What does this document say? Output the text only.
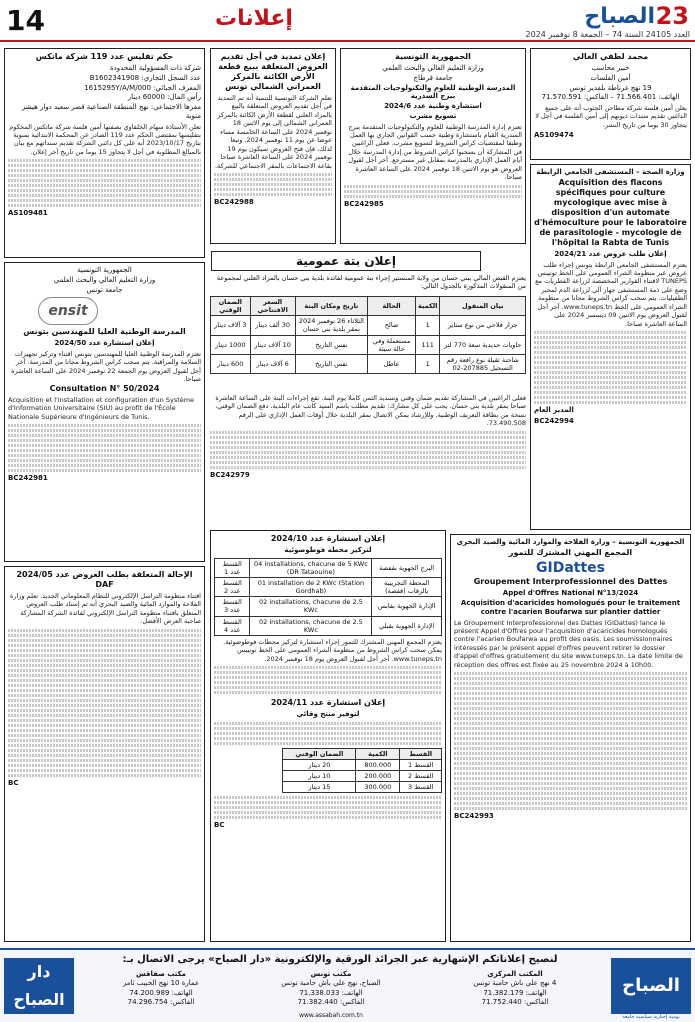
14	إعلانات	23
الصباح
العدد 24105 السنة 74 – الجمعة 8 نوفمبر 2024
حكم تفليس عدد 119 شركة ماتكس
شركة ذات المسؤولية المحدودة
عدد السجل التجاري: B1602341908
المعرف الجبائي: 1615295Y/A/M/000
رأس المال: 60000 دينار
مقرها الاجتماعي: نهج المنطقة الصناعية قصر سعيد دوار هيشر منوبة
تعلن الأستاذة سهام الخلفاوي بصفتها أمين فلسة شركة ماتكس المحكوم بتفليسها بمقتضى الحكم عدد 119 الصادر عن المحكمة الابتدائية بمنوبة بتاريخ 2023/10/17 أنه على كل دائني الشركة تقديم سنداتهم مع بيان بالمبالغ المطلوبة في أجل لا يتجاوز 15 يوما من تاريخ آخر إعلان.
AS109481
إعلان تمديد في أجل تقديم العروض المتعلقة ببيع قطعة الأرض الكائنة بالمركز العمراني الشمالي تونس
تعلم الشركة التونسية للتنمية أنه تم التمديد في أجل تقديم العروض المتعلقة بالبيع بالمزاد العلني لقطعة الأرض الكائنة بالمركز العمراني الشمالي إلى يوم الاثنين 18 نوفمبر 2024 على الساعة الخامسة مساء عوضا عن يوم 11 نوفمبر 2024. وتبعا لذلك، فإن فتح العروض سيكون يوم 19 نوفمبر 2024 على الساعة العاشرة صباحا بقاعة الاجتماعات بالمقر الاجتماعي للشركة.
BC242988
الجمهورية التونسية
وزارة التعليم العالي والبحث العلمي
جامعة قرطاج
المدرسة الوطنية للعلوم والتكنولوجيات المتقدمة ببرج السدرية
استشارة وطنية عدد 2024/6
تسويغ مشرب
تعتزم إدارة المدرسة الوطنية للعلوم والتكنولوجيات المتقدمة ببرج السدرية القيام باستشارة وطنية حسب القوانين الجاري بها العمل وطبقا لمقتضيات كراس الشروط لتسويغ مشرب. فعلى الراغبين في المشاركة أن يسحبوا كراس الشروط من إدارة المدرسة خلال أيام العمل الإداري بالمدرسة بمقابل غير مسترجع. آخر أجل لقبول العروض هو يوم الاثنين 18 نوفمبر 2024 على الساعة العاشرة صباحا.
BC242985
محمد لطفي الغالي
خبير محاسب
أمين الفلسات
19 نهج غرناطة بلفدير تونس
الهاتف: 71.566.401 – الفاكس: 71.570.591
يعلن أمين فلسة شركة مطاحن الجنوب أنه على جميع الدائنين تقديم سندات ديونهم إلى أمين الفلسة في أجل لا يتجاوز 30 يوما من تاريخ النشر.
AS109474
وزارة الصحة – المستشفى الجامعي الرابطة
Acquisition des flacons spécifiques pour culture mycologique avec mise à disposition d'un automate d'hémoculture pour le laboratoire de parasitologie - mycologie de l'hôpital la Rabta de Tunis
إعلان طلب عروض عدد 2024/21
يعتزم المستشفى الجامعي الرابطة بتونس إجراء طلب عروض عبر منظومة الشراء العمومي على الخط تونيبس TUNEPS لاقتناء القوارير المخصصة لزراعة الفطريات مع وضع على ذمة المستشفى جهاز آلي لزراعة الدم لمخبر الطفيليات. يتم سحب كراس الشروط مجانا من منظومة الشراء العمومي على الخط www.tuneps.tn. آخر أجل لقبول العروض يوم الاثنين 09 ديسمبر 2024 على الساعة العاشرة صباحا.
المدير العام
BC242994
إعلان بتة عمومية
يعتزم القبض المالي ببني حسان من ولاية المنستير إجراء بتة عمومية لفائدة بلدية بني حسان بالمزاد العلني لمجموعة من المنقولات المذكورة بالجدول التالي:
بيان المنقول	الكمية	الحالة	تاريخ ومكان البتة	السعر الافتتاحي	الضمان الوقتي
جرار فلاحي من نوع ستاير	1	صالح	الثلاثاء 26 نوفمبر 2024 بمقر بلدية بني حسان	30 ألف دينار	3 آلاف دينار
حاويات حديدية سعة 770 لتر	111	مستعملة وفي حالة سيئة	نفس التاريخ	10 آلاف دينار	1000 دينار
شاحنة ثقيلة نوع رافعة رقم التسجيل 207885-02	1	عاطل	نفس التاريخ	6 آلاف دينار	600 دينار
فعلى الراغبين في المشاركة تقديم ضمان وقتي وتسديد الثمن كاملا يوم البتة. تقع إجراءات البتة على الساعة العاشرة صباحا بمقر بلدية بني حسان. يجب على كل مشارك: تقديم مطلب باسم السيد كاتب عام البلدية، دفع الضمان الوقتي، نسخة من بطاقة التعريف الوطنية. وللإرشاد يمكن الاتصال بمقر البلدية خلال أوقات العمل الإداري على الرقم 73.490.508.
BC242979
الجمهورية التونسية
وزارة التعليم العالي والبحث العلمي
جامعة تونس
ensit
المدرسة الوطنية العليا للمهندسين بتونس
إعلان استشارة عدد 2024/50
تعتزم المدرسة الوطنية العليا للمهندسين بتونس اقتناء وتركيز تجهيزات السلامة والمراقبة. يتم سحب كراس الشروط مجانا من المدرسة. آخر أجل لقبول العروض يوم الجمعة 22 نوفمبر 2024 على الساعة العاشرة صباحا.
Consultation N° 50/2024
Acquisition et l'installation et configuration d'un Système d'Information Universitaire (SIU) au profit de l'École Nationale Supérieure d'Ingénieurs de Tunis.
BC242981
الإحالة المتعلقة بطلب العروض عدد 2024/05 DAF
اقتناء منظومة التراسل الإلكتروني للنظام المعلوماتي الجديد. تعلم وزارة الفلاحة والموارد المائية والصيد البحري أنه تم إسناد طلب العروض المتعلق باقتناء منظومة التراسل الإلكتروني لفائدة الشركة المشاركة صاحبة العرض الأفضل.
BC
إعلان استشارة عدد 2024/10
لتركيز محطة فوطوضوئية
البرج الجهوية بقفصة	04 installations, chacune de 5 KWc (DR Tataouine)	القسط عدد 1
المحطة التجريبية بالرقاب (قفصة)	01 installation de 2 KWc (Station Gordhab)	القسط عدد 2
الإدارة الجهوية بقابس	02 installations, chacune de 2.5 KWc	القسط عدد 3
الإدارة الجهوية بقبلي	02 installations, chacune de 2.5 KWc	القسط عدد 4
يعتزم المجمع المهني المشترك للتمور إجراء استشارة لتركيز محطات فوطوضوئية. يمكن سحب كراس الشروط من منظومة الشراء العمومي على الخط تونيبس www.tuneps.tn. آخر أجل لقبول العروض يوم 18 نوفمبر 2024.
إعلان استشارة عدد 2024/11
لتوفير منتج وقائي
القسط	الكمية	الضمان الوقتي
القسط 1	800.000	20 دينار
القسط 2	200.000	10 دينار
القسط 3	300.000	15 دينار
BC
الجمهورية التونسية – وزارة الفلاحة والموارد المائية والصيد البحري
المجمع المهني المشترك للتمور
GIDattes
Groupement Interprofessionnel des Dattes
Appel d'Offres National N°13/2024
Acquisition d'acaricides homologués pour le traitement contre l'acarien Boufarwa sur plantier dattier
Le Groupement Interprofessionnel des Dattes (GIDattes) lance le présent Appel d'Offres pour l'acquisition d'acaricides homologués contre l'acarien Boufarwa au profit des oasis. Les soumissionnaires intéressés par le présent appel d'offres peuvent retirer le dossier d'appel d'offres gratuitement du site www.tuneps.tn. La date limite de réception des offres est fixée au 25 novembre 2024 à 10h00.
BC242993
دار الصباح
لنصيح إعلاناتكم الإشهارية عبر الجرائد الورقية والإلكترونية «دار الصباح» يرجى الاتصال بـ:
مكتب صفاقس
عمارة 10 نهج الحبيب ثامر
الهاتف: 74.200.989
الفاكس: 74.296.754
مكتب تونس
الصباح، نهج علي باش حامبة تونس
الهاتف: 71.338.033
الفاكس: 71.382.440
المكتب المركزي
4 نهج علي باش حامبة تونس
الهاتف: 71.382.179
الفاكس: 71.752.440
الصباح
www.assabah.com.tn	يومية إخبارية سياسية جامعة
